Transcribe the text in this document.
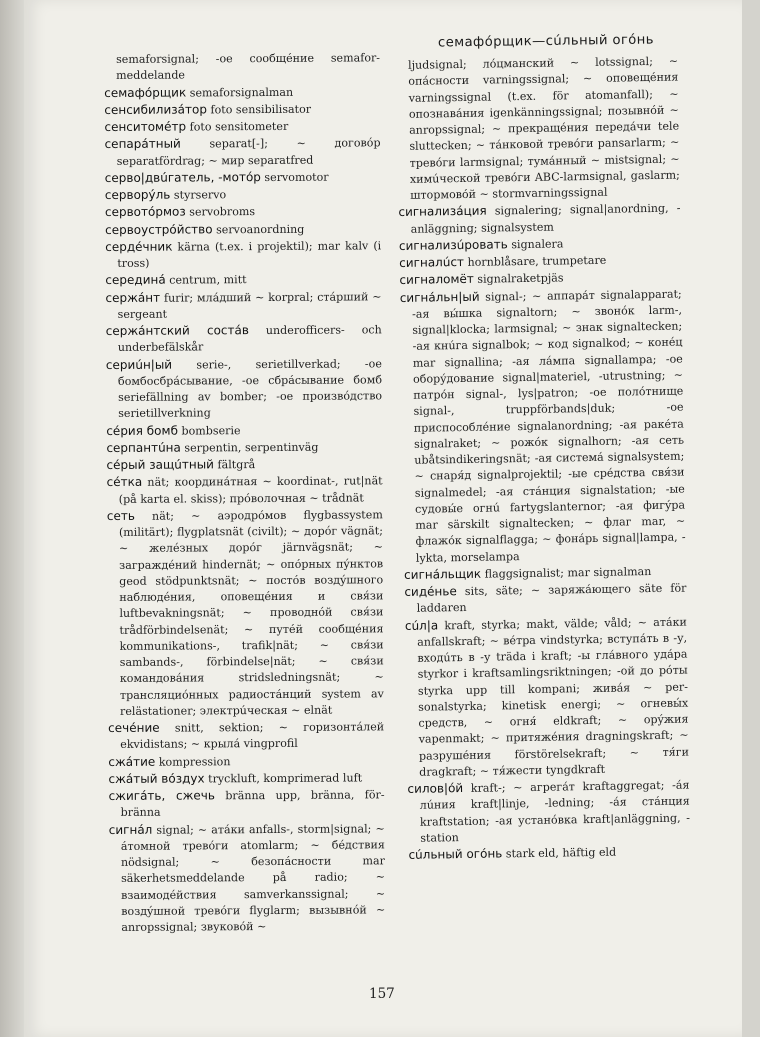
семафóрщик—сúльный огóнь

semaforsignal; -ое сообщéние semaformeddelande

семафóрщик semaforsignalman

сенсибилизáтор foto sensibilisator

сенситомéтр foto sensitometer

сепарáтный	separat[-]; ~ договóр separatfördrag; ~ мир separatfred

серво|двúгатель, -мотóр servomotor

сервоpýль styrservo

сервотóрмоз servobroms

сервоустрóйство servoanordning

сердéчник kärna (t.ex. i projektil); mar kalv (i tross)

серединá centrum, mitt

сержáнт furir; млáдший ~ korpral; стáрший ~ sergeant

сержáнтский состáв underofficers- och underbefälskår

сериúн|ый serie-, serietillverkad; -ое бомбосбрáсывание, -ое сбрáсывание бомб seriefällning av bomber; -ое произвóдство serietillverkning

сéрия бомб bombserie

серпантúна serpentin, serpentinväg

сéрый защúтный fältgrå

сéтка nät; координáтная ~ koordinat-, rut|nät (på karta el. skiss); прóволочная ~ trådnät

сеть nät; ~ аэродрóмов flygbassystem (militärt); flygplatsnät (civilt); ~ дорóг vägnät; ~ желéзных дорóг järnvägsnät; ~ заграждéний hindernät; ~ опóрных пýнктов geod stödpunktsnät; ~ постóв воздýшного наблюдéния, оповещéния и свя́зи luftbevakningsnät; ~ проводнóй свя́зи trådförbindelsenät; ~ путéй сообщéния kommunikations-, trafik|nät; ~ свя́зи sambands-, förbindelse|nät; ~ свя́зи командовáния stridsledningsnät; ~ трансляциóнных радиостáнций system av relästationer; электрúческая ~ elnät

сечéние snitt, sektion; ~ горизонтáлей ekvidistans; ~ крылá vingprofil

сжáтие kompression

сжáтый вóздух tryckluft, komprimerad luft

сжигáть, сжечь bränna upp, bränna, förbränna

сигнáл signal; ~ атáки anfalls-, storm|signal; ~ áтомной тревóги atomlarm; ~ бéдствия nödsignal; ~ безопáсности mar säkerhetsmeddelande på radio; ~ взаимодéйствия samverkanssignal; ~ воздýшной тревóги flyglarm; вызывнóй ~ anropssignal; звуковóй ~

ljudsignal; лóцманский ~ lotssignal; ~ опáсности varningssignal; ~ оповещéния varningssignal (t.ex. för atomanfall); ~ опознавáния igenkänningssignal; позывнóй ~ anropssignal; ~ прекращéния передáчи tele sluttecken; ~ тáнковой тревóги pansarlarm; ~ тревóги larmsignal; тумáнный ~ mistsignal; ~ химúческой тревóги ABC-larmsignal, gaslarm; штормовóй ~ stormvarningssignal

сигнализáция signalering; signal|anordning, -anläggning; signalsystem

сигнализúровать signalera

сигналúст hornblåsare, trumpetare

сигналомёт signalraketpjäs

сигнáльн|ый signal-; ~ аппарáт signalapparat; -ая вы́шка signaltorn; ~ звонóк larm-, signal|klocka; larmsignal; ~ знак signaltecken; -ая кнúга signalbok; ~ код signalkod; ~ конéц mar signallina; -ая лáмпа signallampa; -ое оборýдование signal|materiel, -utrustning; ~ патрóн signal-, lys|patron; -ое полóтнище signal-, truppförbands|duk; -ое приспособлéние signalanordning; -ая ракéта signalraket; ~ рожóк signalhorn; -ая сеть ubåtsindikeringsnät; -ая системá signalsystem; ~ снаря́д signalprojektil; -ые срéдства свя́зи signalmedel; -ая стáнция signalstation; -ые судовы́е огнú fartygslanternor; -ая фигýра mar särskilt signaltecken; ~ флаг mar, ~ флажóк signalflagga; ~ фонáрь signal|lampa, -lykta, morselampa

сигнáльщик flaggsignalist; mar signalman

сидéнье sits, säte; ~ заряжáющего säte för laddaren

сúл|а kraft, styrka; makt, välde; våld; ~ атáки anfallskraft; ~ вéтра vindstyrka; вступáть в -у, входúть в -у träda i kraft; -ы глáвного удáра styrkor i kraftsamlingsriktningen; -ой до рóты styrka upp till kompani; живáя ~ personalstyrka; kinetisk energi; ~ огневы́х средств, ~ огня́ eldkraft; ~ орýжия vapenmakt; ~ притяжéния dragningskraft; ~ разрушéния förstörelsekraft; ~ тя́ги dragkraft; ~ тя́жести tyngdkraft

силов|óй kraft-; ~ агрегáт kraftaggregat; -áя лúния kraft|linje, -ledning; -áя стáнция kraftstation; -ая устанóвка kraft|anläggning, -station

сúльный огóнь stark eld, häftig eld

157
